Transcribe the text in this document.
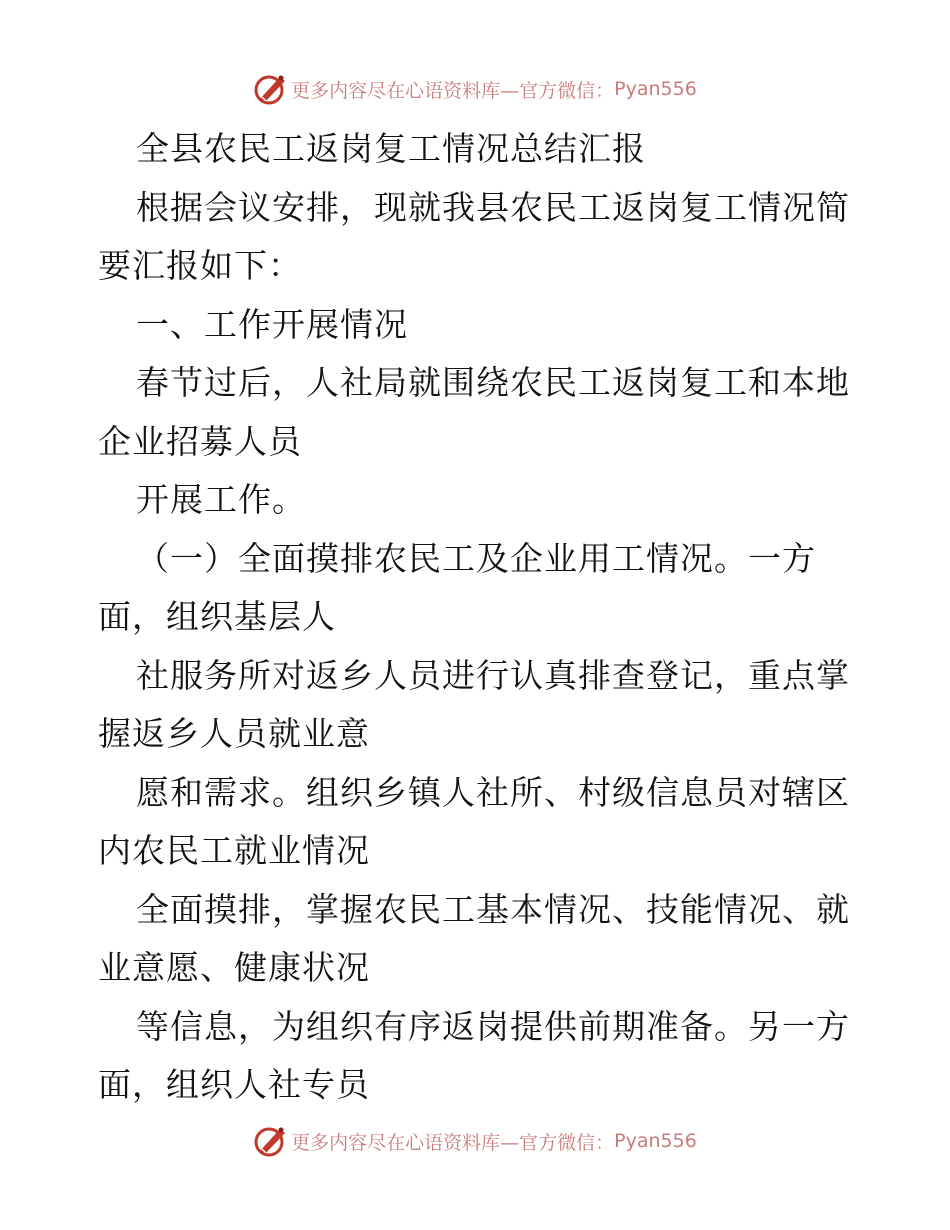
更多内容尽在心语资料库—官方微信： Pyan556
全县农民工返岗复工情况总结汇报
根据会议安排，现就我县农民工返岗复工情况简
要汇报如下：
一、工作开展情况
春节过后，人社局就围绕农民工返岗复工和本地
企业招募人员
开展工作。
（一）全面摸排农民工及企业用工情况。一方
面，组织基层人
社服务所对返乡人员进行认真排查登记，重点掌
握返乡人员就业意
愿和需求。组织乡镇人社所、村级信息员对辖区
内农民工就业情况
全面摸排，掌握农民工基本情况、技能情况、就
业意愿、健康状况
等信息，为组织有序返岗提供前期准备。另一方
面，组织人社专员
更多内容尽在心语资料库—官方微信： Pyan556
